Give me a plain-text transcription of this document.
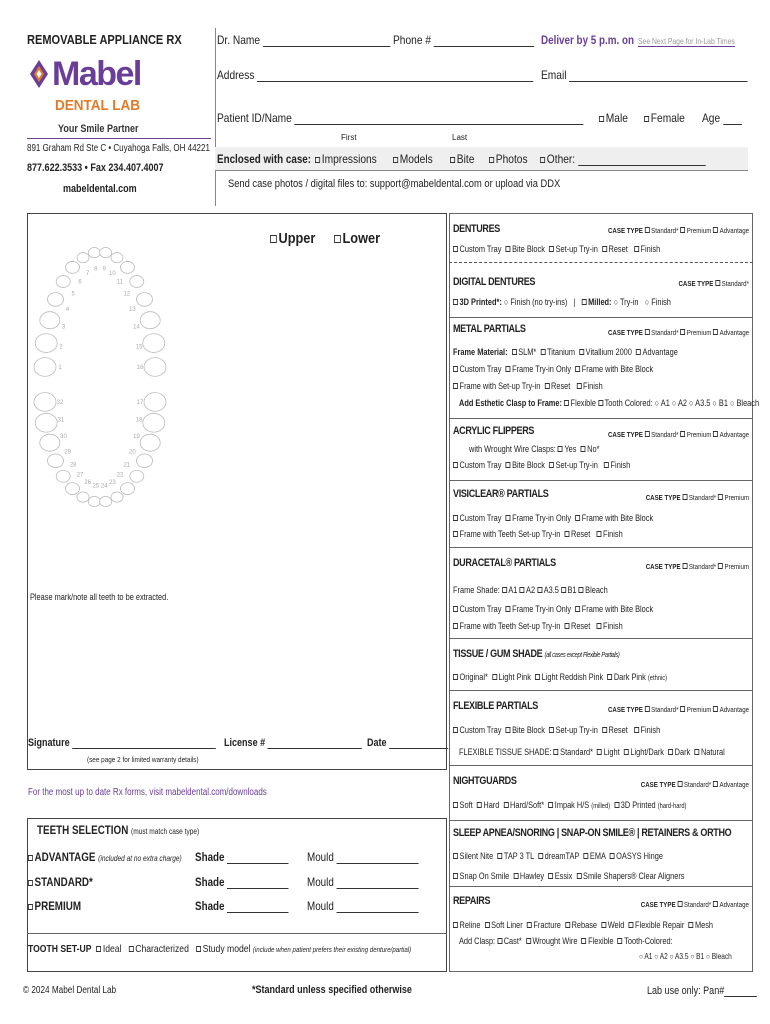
REMOVABLE APPLIANCE RX
Mabel
DENTAL LAB
Your Smile Partner
891 Graham Rd Ste C • Cuyahoga Falls, OH 44221
877.622.3533 • Fax 234.407.4007
mabeldental.com
Dr. Name	Phone #	Deliver by 5 p.m. on See Next Page for In-Lab Times
Address	Email
Patient ID/Name
First	Last
Male	Female Age
Enclosed with case: Impressions	Models	Bite	Photos	Other:
Send case photos / digital files to: support@mabeldental.com or upload via DDX
Upper	Lower
1
2
3
4
5
6
7
8 9
10
11
12
13
14
15
16
32
31
30
29
28
27
26
25 24
23
22
21
20
19
18
17
Please mark/note all teeth to be extracted.
Signature	License #	Date
(see page 2 for limited warranty details)
For the most up to date Rx forms, visit mabeldental.com/downloads
TEETH SELECTION (must match case type)
ADVANTAGE (included at no extra charge) Shade	Mould
STANDARD*	Shade	Mould
PREMIUM	Shade	Mould
TOOTH SET-UP Ideal Characterized Study model (include when patient prefers their existing denture/partial)
DENTURES	CASE TYPE Standard* Premium Advantage
Custom Tray Bite Block Set-up Try-in Reset Finish
DIGITAL DENTURES	CASE TYPE Standard*
3D Printed*: ○ Finish (no try-ins)   |   Milled: ○ Try-in   ○ Finish
METAL PARTIALS	CASE TYPE Standard* Premium Advantage
Frame Material: SLM* Titanium Vitallium 2000 Advantage
Custom Tray Frame Try-in Only Frame with Bite Block
Frame with Set-up Try-in Reset Finish
Add Esthetic Clasp to Frame: Flexible Tooth Colored: ○ A1 ○ A2 ○ A3.5 ○ B1 ○ Bleach
ACRYLIC FLIPPERS	CASE TYPE Standard* Premium Advantage
with Wrought Wire Clasps: Yes No*
Custom Tray Bite Block Set-up Try-in Finish
VISICLEAR® PARTIALS	CASE TYPE Standard* Premium
Custom Tray Frame Try-in Only Frame with Bite Block
Frame with Teeth Set-up Try-in Reset Finish
DURACETAL® PARTIALS	CASE TYPE Standard* Premium
Frame Shade: A1 A2 A3.5 B1 Bleach
Custom Tray Frame Try-in Only Frame with Bite Block
Frame with Teeth Set-up Try-in Reset Finish
TISSUE / GUM SHADE (all cases except Flexible Partials)
Original* Light Pink Light Reddish Pink Dark Pink (ethnic)
FLEXIBLE PARTIALS	CASE TYPE Standard* Premium Advantage
Custom Tray Bite Block Set-up Try-in Reset Finish
FLEXIBLE TISSUE SHADE: Standard* Light Light/Dark Dark Natural
NIGHTGUARDS	CASE TYPE Standard* Advantage
Soft Hard Hard/Soft* Impak H/S (milled) 3D Printed (hard-hard)
SLEEP APNEA/SNORING | SNAP-ON SMILE® | RETAINERS & ORTHO
Silent Nite TAP 3 TL dreamTAP EMA OASYS Hinge
Snap On Smile Hawley Essix Smile Shapers® Clear Aligners
REPAIRS	CASE TYPE Standard* Advantage
Reline Soft Liner Fracture Rebase Weld Flexible Repair Mesh
Add Clasp: Cast* Wrought Wire Flexible Tooth-Colored:
○ A1 ○ A2 ○ A3.5 ○ B1 ○ Bleach
© 2024 Mabel Dental Lab	*Standard unless specified otherwise	Lab use only: Pan#
